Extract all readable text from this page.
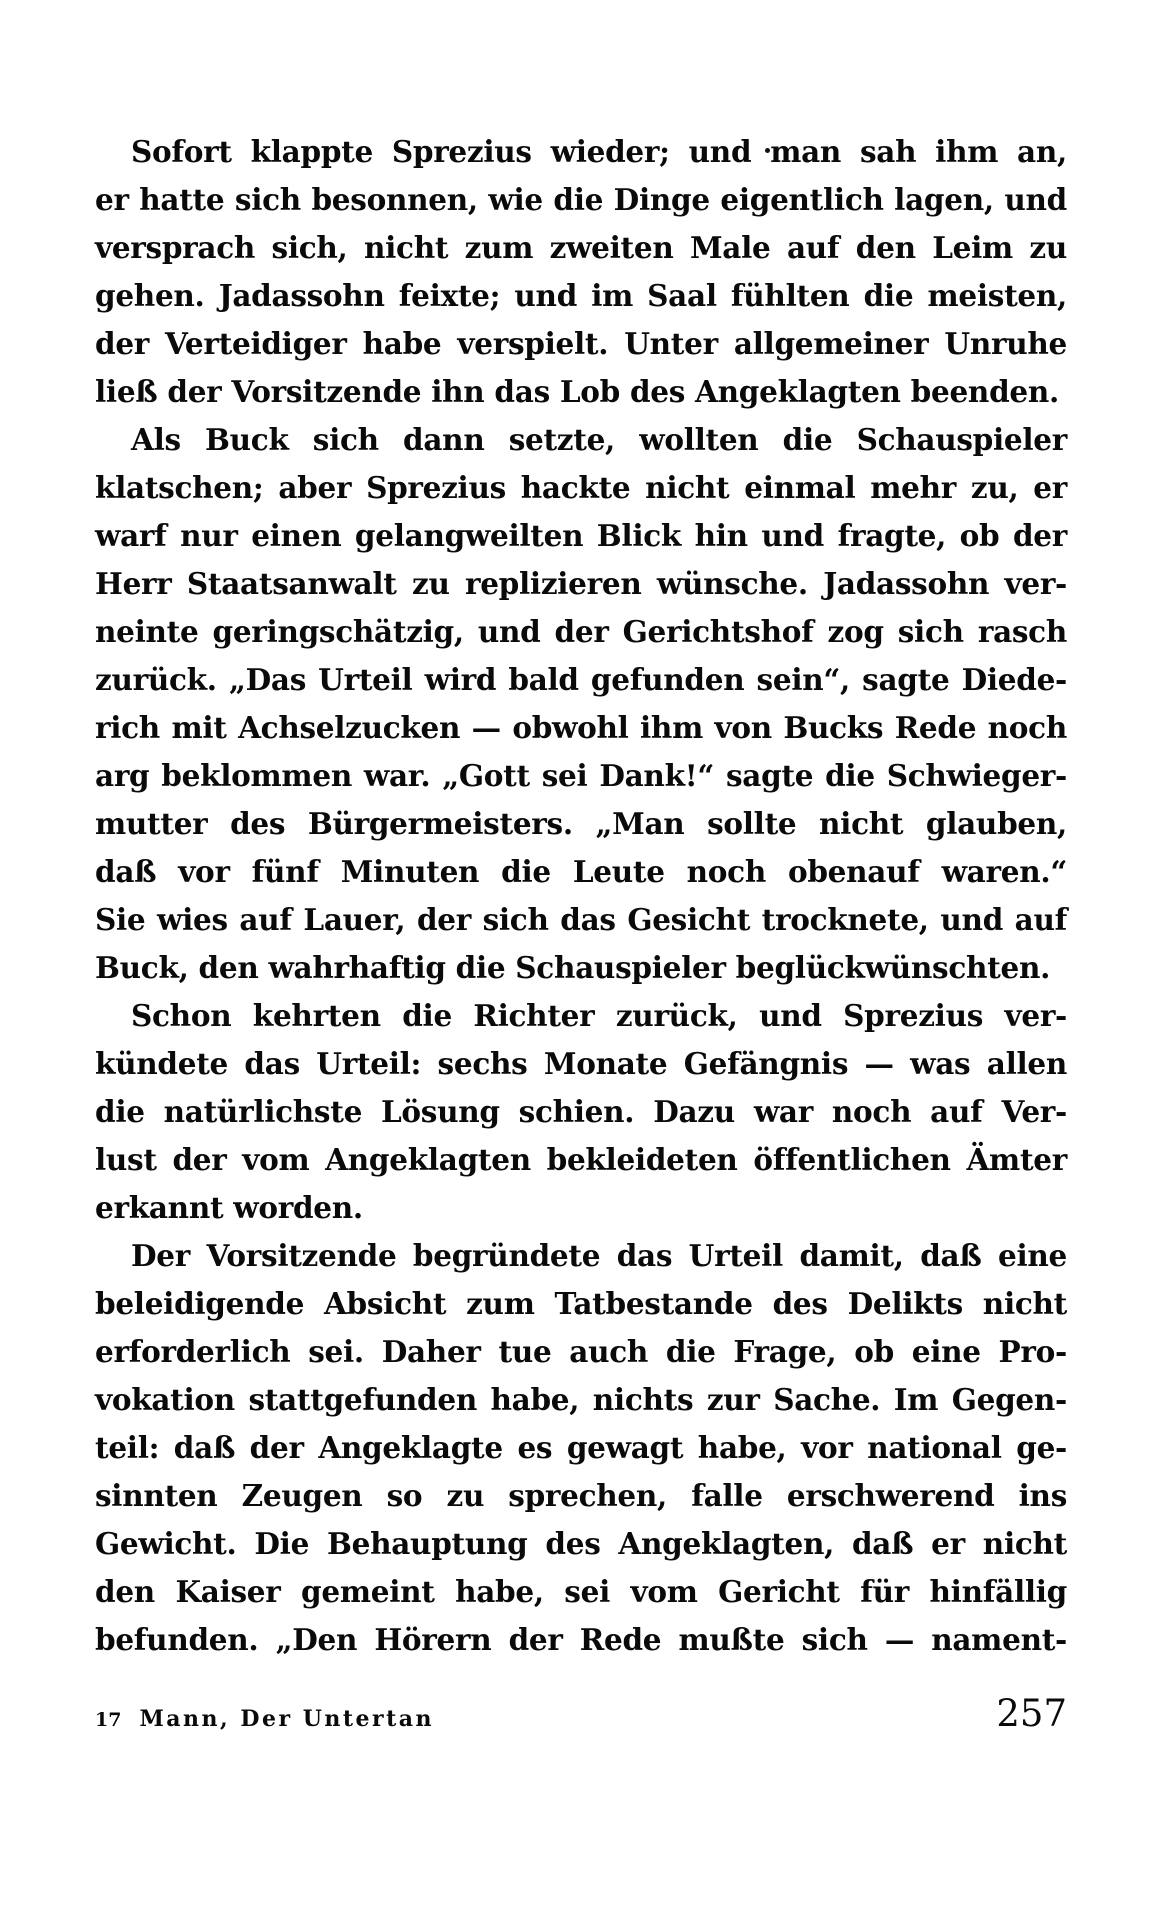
Sofort klappte Sprezius wieder; und man sah ihm an,
er hatte sich besonnen, wie die Dinge eigentlich lagen, und
versprach sich, nicht zum zweiten Male auf den Leim zu
gehen. Jadassohn feixte; und im Saal fühlten die meisten,
der Verteidiger habe verspielt. Unter allgemeiner Unruhe
ließ der Vorsitzende ihn das Lob des Angeklagten beenden.
Als Buck sich dann setzte, wollten die Schauspieler
klatschen; aber Sprezius hackte nicht einmal mehr zu, er
warf nur einen gelangweilten Blick hin und fragte, ob der
Herr Staatsanwalt zu replizieren wünsche. Jadassohn ver-
neinte geringschätzig, und der Gerichtshof zog sich rasch
zurück. „Das Urteil wird bald gefunden sein“, sagte Diede-
rich mit Achselzucken — obwohl ihm von Bucks Rede noch
arg beklommen war. „Gott sei Dank!“ sagte die Schwieger-
mutter des Bürgermeisters. „Man sollte nicht glauben,
daß vor fünf Minuten die Leute noch obenauf waren.“
Sie wies auf Lauer, der sich das Gesicht trocknete, und auf
Buck, den wahrhaftig die Schauspieler beglückwünschten.
Schon kehrten die Richter zurück, und Sprezius ver-
kündete das Urteil: sechs Monate Gefängnis — was allen
die natürlichste Lösung schien. Dazu war noch auf Ver-
lust der vom Angeklagten bekleideten öffentlichen Ämter
erkannt worden.
Der Vorsitzende begründete das Urteil damit, daß eine
beleidigende Absicht zum Tatbestande des Delikts nicht
erforderlich sei. Daher tue auch die Frage, ob eine Pro-
vokation stattgefunden habe, nichts zur Sache. Im Gegen-
teil: daß der Angeklagte es gewagt habe, vor national ge-
sinnten Zeugen so zu sprechen, falle erschwerend ins
Gewicht. Die Behauptung des Angeklagten, daß er nicht
den Kaiser gemeint habe, sei vom Gericht für hinfällig
befunden. „Den Hörern der Rede mußte sich — nament-
17 Mann, Der Untertan	257
